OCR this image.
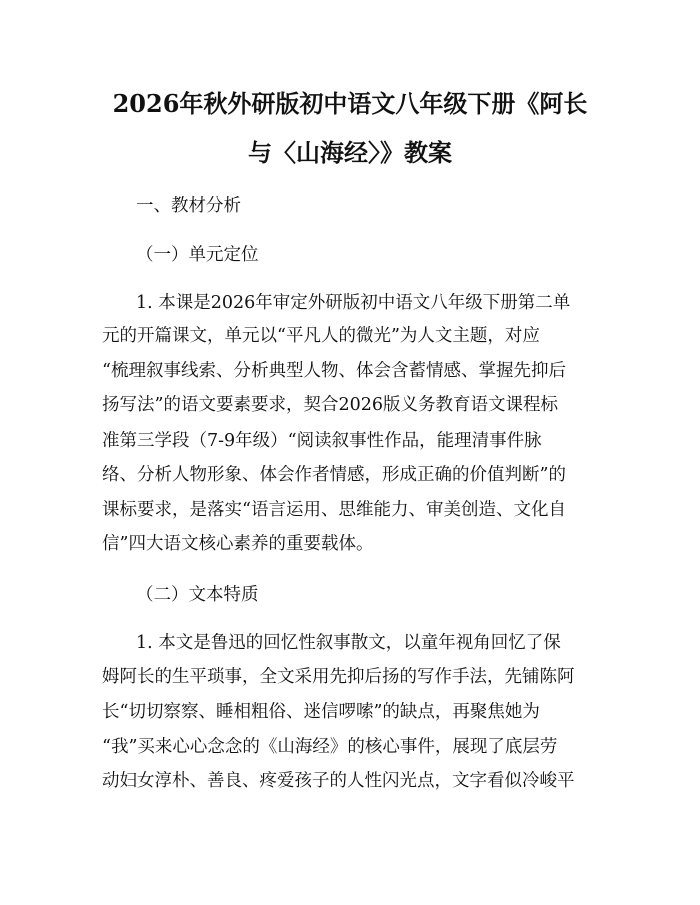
2026年秋外研版初中语文八年级下册《阿长
与〈山海经〉》教案

一、教材分析

（一）单元定位

1. 本课是2026年审定外研版初中语文八年级下册第二单

元的开篇课文，单元以“平凡人的微光”为人文主题，对应

“梳理叙事线索、分析典型人物、体会含蓄情感、掌握先抑后

扬写法”的语文要素要求，契合2026版义务教育语文课程标

准第三学段（7-9年级）“阅读叙事性作品，能理清事件脉

络、分析人物形象、体会作者情感，形成正确的价值判断”的

课标要求，是落实“语言运用、思维能力、审美创造、文化自

信”四大语文核心素养的重要载体。

（二）文本特质

1. 本文是鲁迅的回忆性叙事散文，以童年视角回忆了保

姆阿长的生平琐事，全文采用先抑后扬的写作手法，先铺陈阿

长“切切察察、睡相粗俗、迷信啰嗦”的缺点，再聚焦她为

“我”买来心心念念的《山海经》的核心事件，展现了底层劳

动妇女淳朴、善良、疼爱孩子的人性闪光点，文字看似冷峻平
